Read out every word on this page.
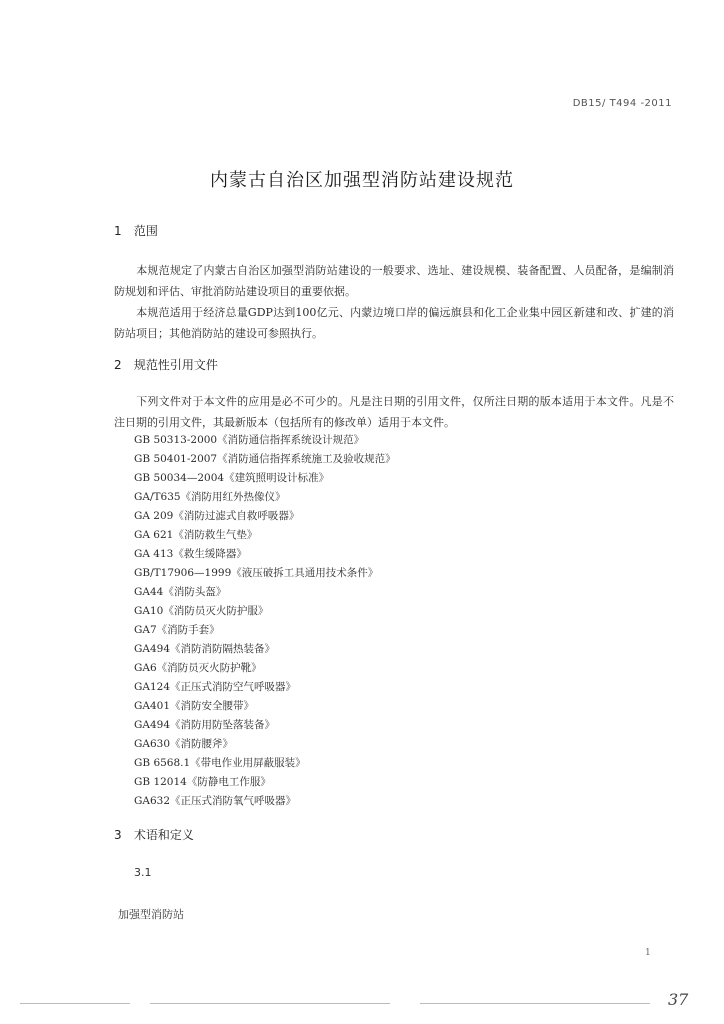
DB15/ T494 -2011
内蒙古自治区加强型消防站建设规范
1 范围
本规范规定了内蒙古自治区加强型消防站建设的一般要求、选址、建设规模、装备配置、人员配备，是编制消防规划和评估、审批消防站建设项目的重要依据。
本规范适用于经济总量GDP达到100亿元、内蒙边境口岸的偏远旗县和化工企业集中园区新建和改、扩建的消防站项目；其他消防站的建设可参照执行。
2 规范性引用文件
下列文件对于本文件的应用是必不可少的。凡是注日期的引用文件，仅所注日期的版本适用于本文件。凡是不注日期的引用文件，其最新版本（包括所有的修改单）适用于本文件。
GB 50313-2000《消防通信指挥系统设计规范》
GB 50401-2007《消防通信指挥系统施工及验收规范》
GB 50034—2004《建筑照明设计标准》
GA/T635《消防用红外热像仪》
GA 209《消防过滤式自救呼吸器》
GA 621《消防救生气垫》
GA 413《救生缓降器》
GB/T17906—1999《液压破拆工具通用技术条件》
GA44《消防头盔》
GA10《消防员灭火防护服》
GA7《消防手套》
GA494《消防消防隔热装备》
GA6《消防员灭火防护靴》
GA124《正压式消防空气呼吸器》
GA401《消防安全腰带》
GA494《消防用防坠落装备》
GA630《消防腰斧》
GB 6568.1《带电作业用屏蔽服装》
GB 12014《防静电工作服》
GA632《正压式消防氧气呼吸器》
3 术语和定义
3.1
加强型消防站
1
37
